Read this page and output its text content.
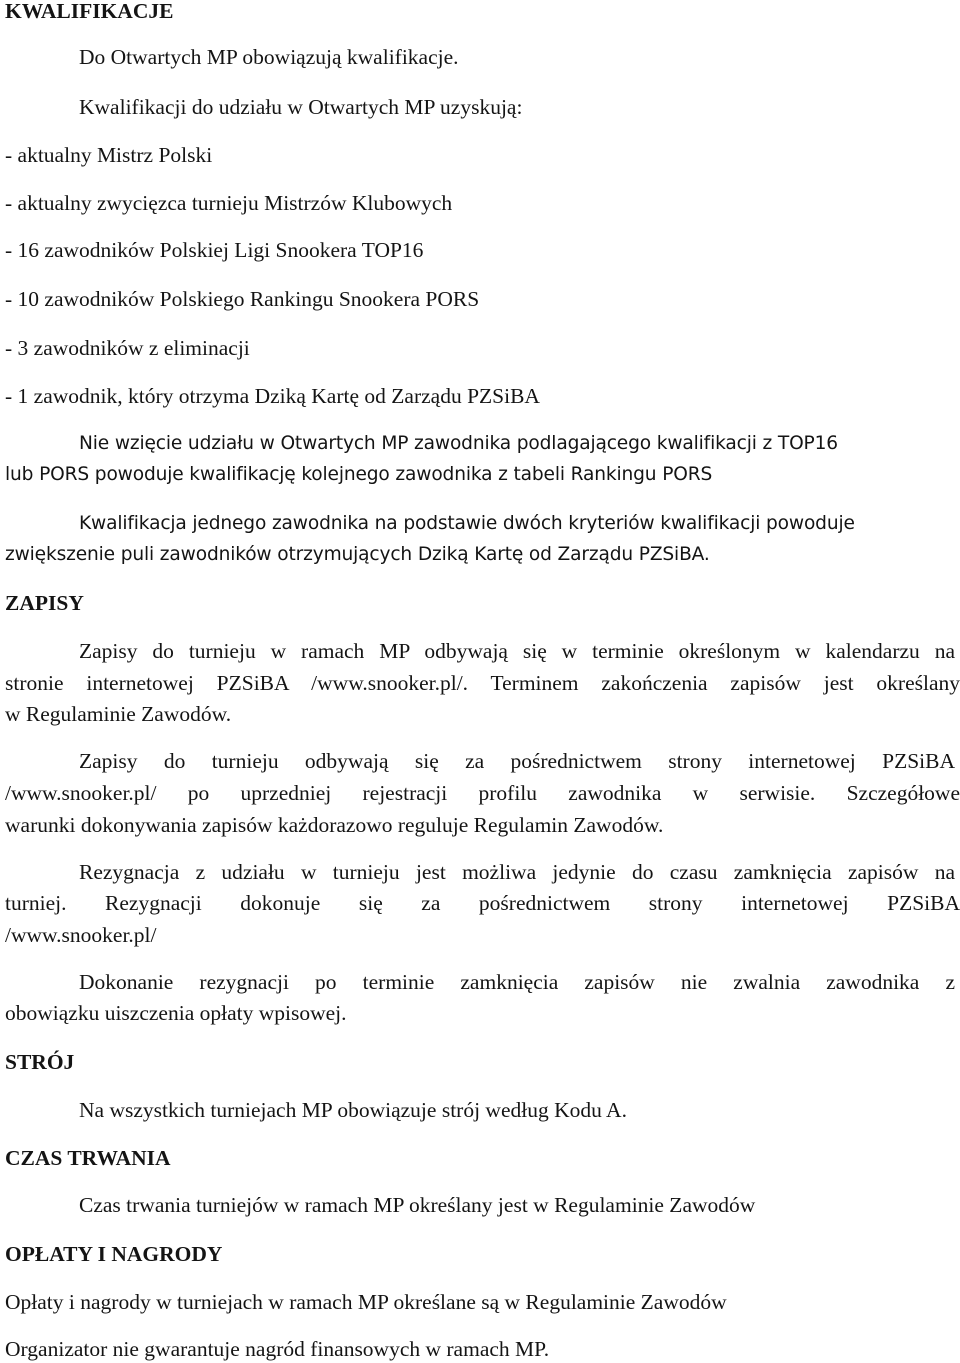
KWALIFIKACJE
Do Otwartych MP obowiązują kwalifikacje.
Kwalifikacji do udziału w Otwartych MP uzyskują:
- aktualny Mistrz Polski
- aktualny zwycięzca turnieju Mistrzów Klubowych
- 16 zawodników Polskiej Ligi Snookera TOP16
- 10 zawodników Polskiego Rankingu Snookera PORS
- 3 zawodników z eliminacji
- 1 zawodnik, który otrzyma Dziką Kartę od Zarządu PZSiBA
Nie wzięcie udziału w Otwartych MP zawodnika podlagającego kwalifikacji z TOP16
lub PORS powoduje kwalifikację kolejnego zawodnika z tabeli Rankingu PORS
Kwalifikacja jednego zawodnika na podstawie dwóch kryteriów kwalifikacji powoduje
zwiększenie puli zawodników otrzymujących Dziką Kartę od Zarządu PZSiBA.
ZAPISY
Zapisy do turnieju w ramach MP odbywają się w terminie określonym w kalendarzu na
stronie internetowej PZSiBA /www.snooker.pl/. Terminem zakończenia zapisów jest określany
w Regulaminie Zawodów.
Zapisy do turnieju odbywają się za pośrednictwem strony internetowej PZSiBA
/www.snooker.pl/ po uprzedniej rejestracji profilu zawodnika w serwisie. Szczegółowe
warunki dokonywania zapisów każdorazowo reguluje Regulamin Zawodów.
Rezygnacja z udziału w turnieju jest możliwa jedynie do czasu zamknięcia zapisów na
turniej. Rezygnacji dokonuje się za pośrednictwem strony internetowej PZSiBA
/www.snooker.pl/
Dokonanie rezygnacji po terminie zamknięcia zapisów nie zwalnia zawodnika z
obowiązku uiszczenia opłaty wpisowej.
STRÓJ
Na wszystkich turniejach MP obowiązuje strój według Kodu A.
CZAS TRWANIA
Czas trwania turniejów w ramach MP określany jest w Regulaminie Zawodów
OPŁATY I NAGRODY
Opłaty i nagrody w turniejach w ramach MP określane są w Regulaminie Zawodów
Organizator nie gwarantuje nagród finansowych w ramach MP.
